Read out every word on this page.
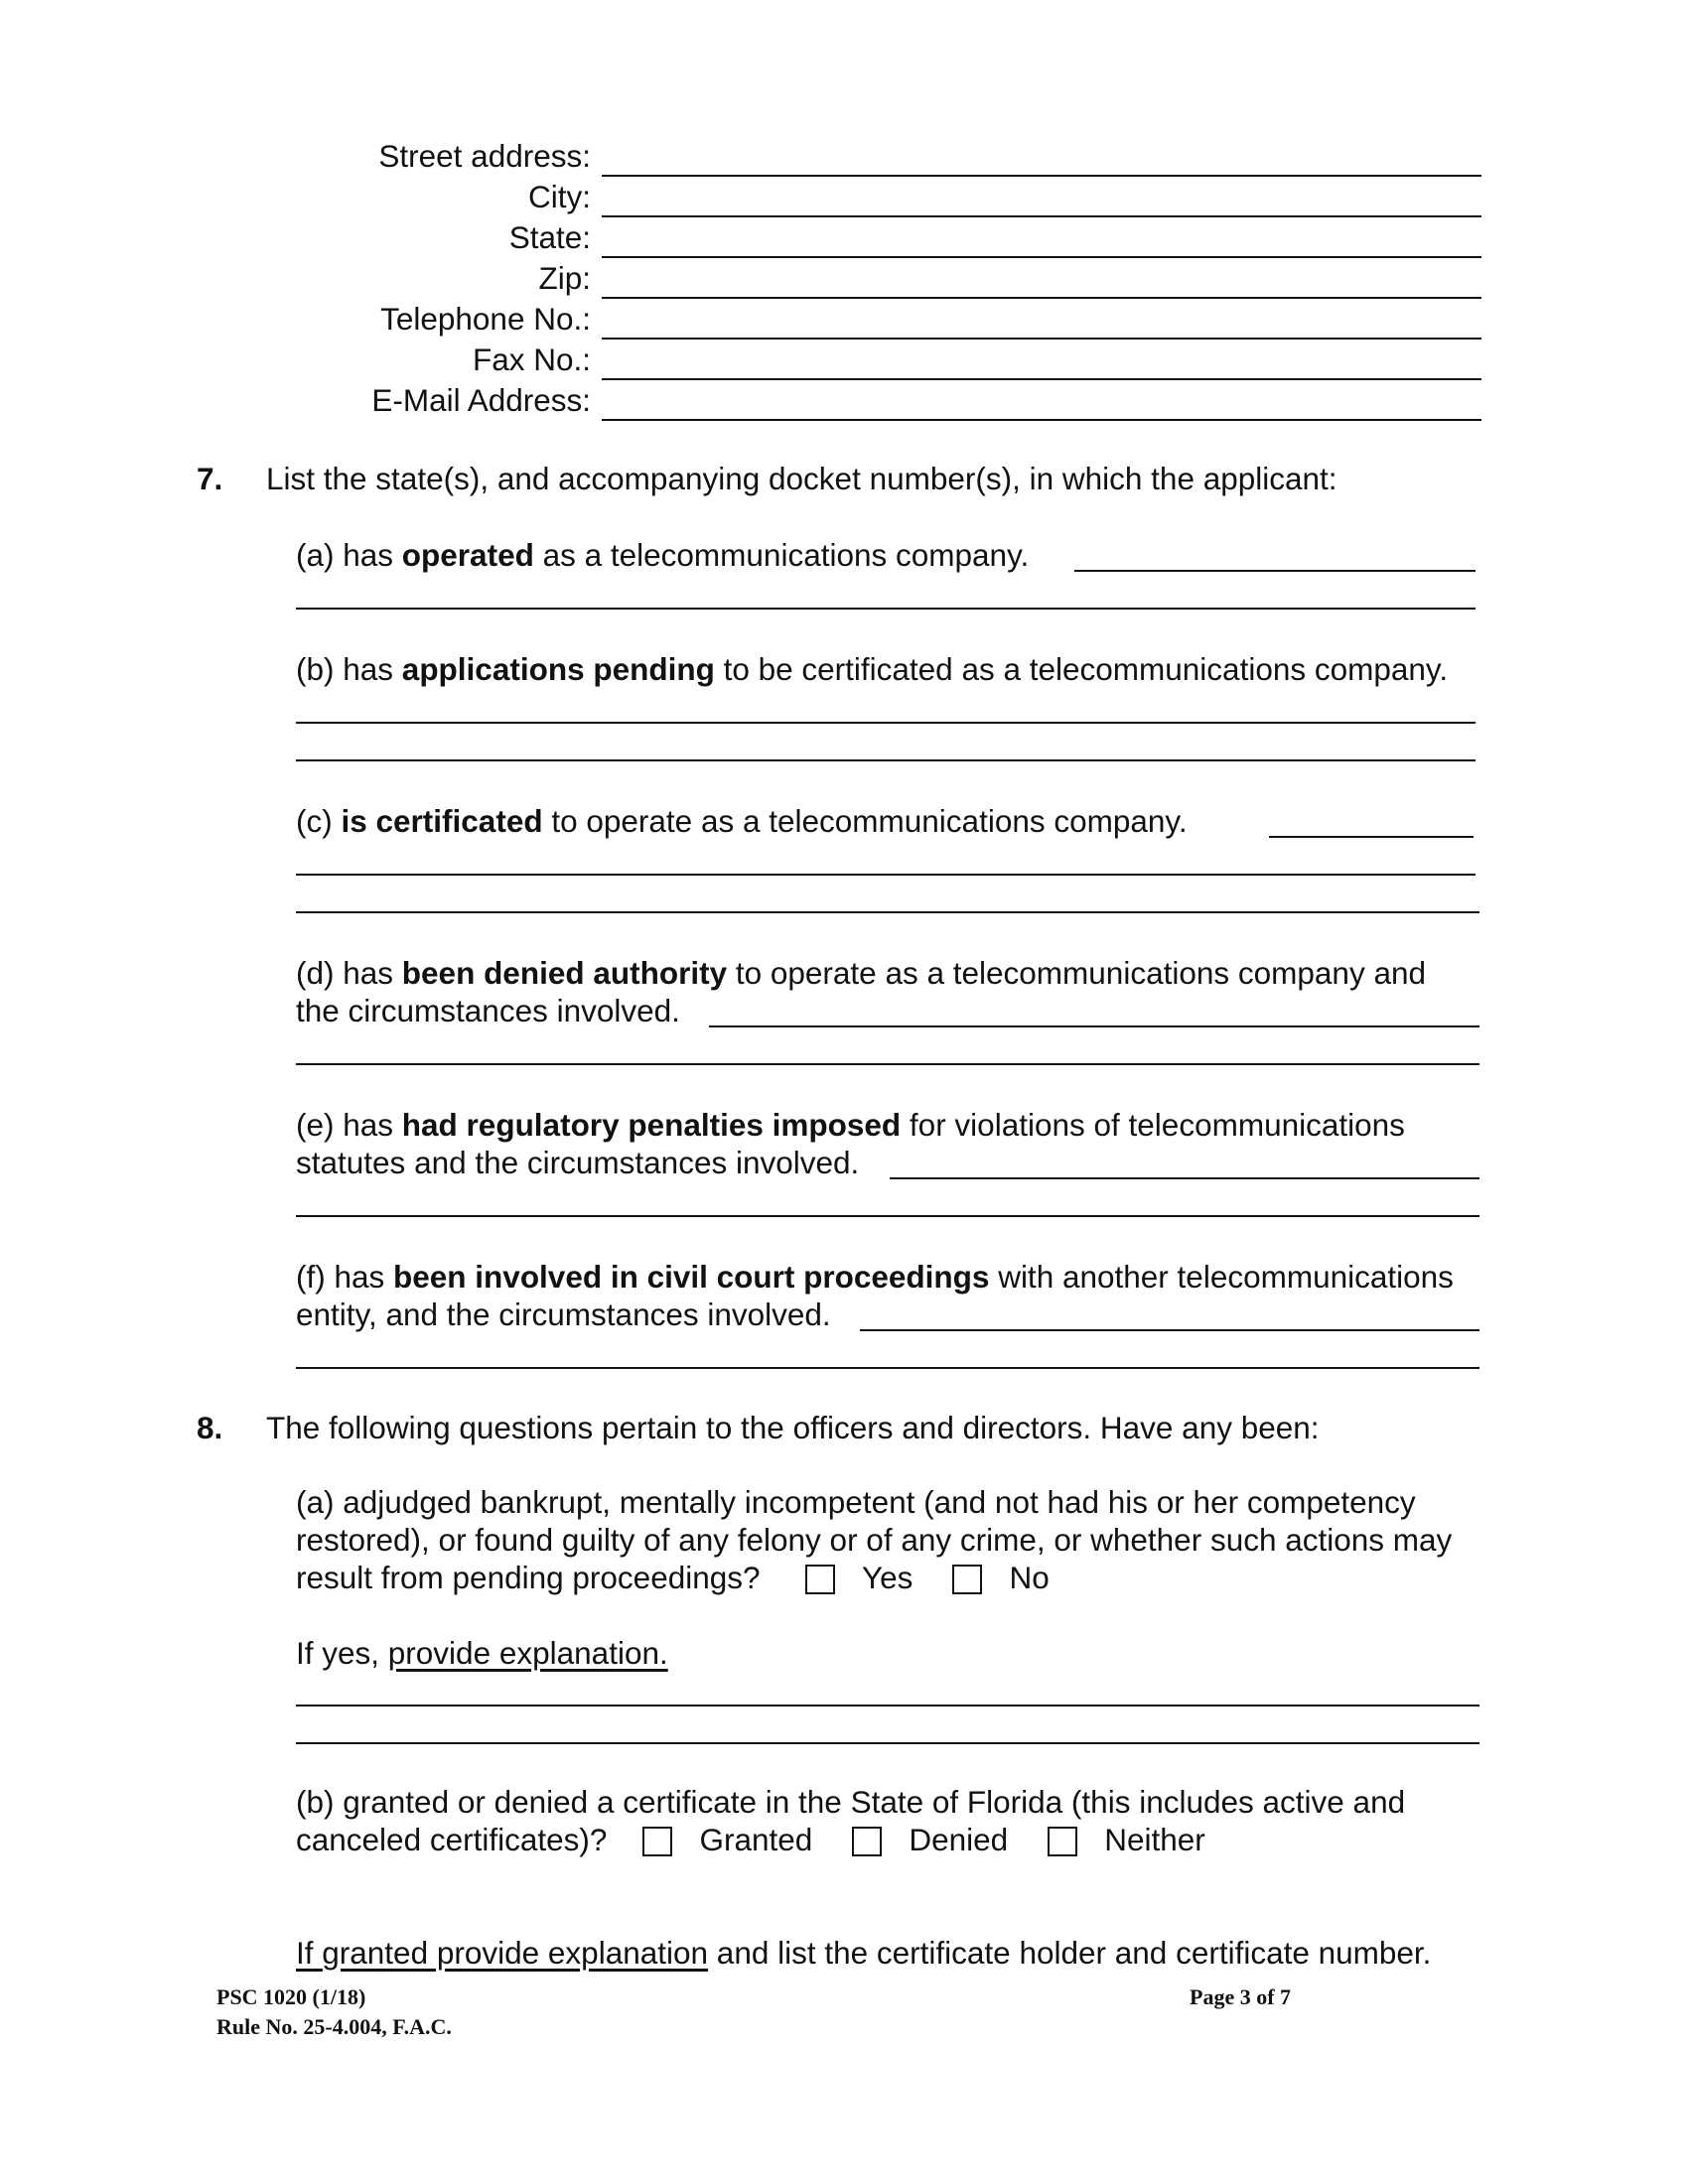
Street address:
City:
State:
Zip:
Telephone No.:
Fax No.:
E-Mail Address:
7. List the state(s), and accompanying docket number(s), in which the applicant:
(a) has operated as a telecommunications company.
(b) has applications pending to be certificated as a telecommunications company.
(c) is certificated to operate as a telecommunications company.
(d) has been denied authority to operate as a telecommunications company and
the circumstances involved.
(e) has had regulatory penalties imposed for violations of telecommunications
statutes and the circumstances involved.
(f) has been involved in civil court proceedings with another telecommunications
entity, and the circumstances involved.
8. The following questions pertain to the officers and directors. Have any been:
(a) adjudged bankrupt, mentally incompetent (and not had his or her competency
restored), or found guilty of any felony or of any crime, or whether such actions may
result from pending proceedings?	Yes	No
If yes, provide explanation.
(b) granted or denied a certificate in the State of Florida (this includes active and
canceled certificates)?	Granted	Denied	Neither
If granted provide explanation and list the certificate holder and certificate number.
PSC 1020 (1/18)
Rule No. 25-4.004, F.A.C.
Page 3 of 7
